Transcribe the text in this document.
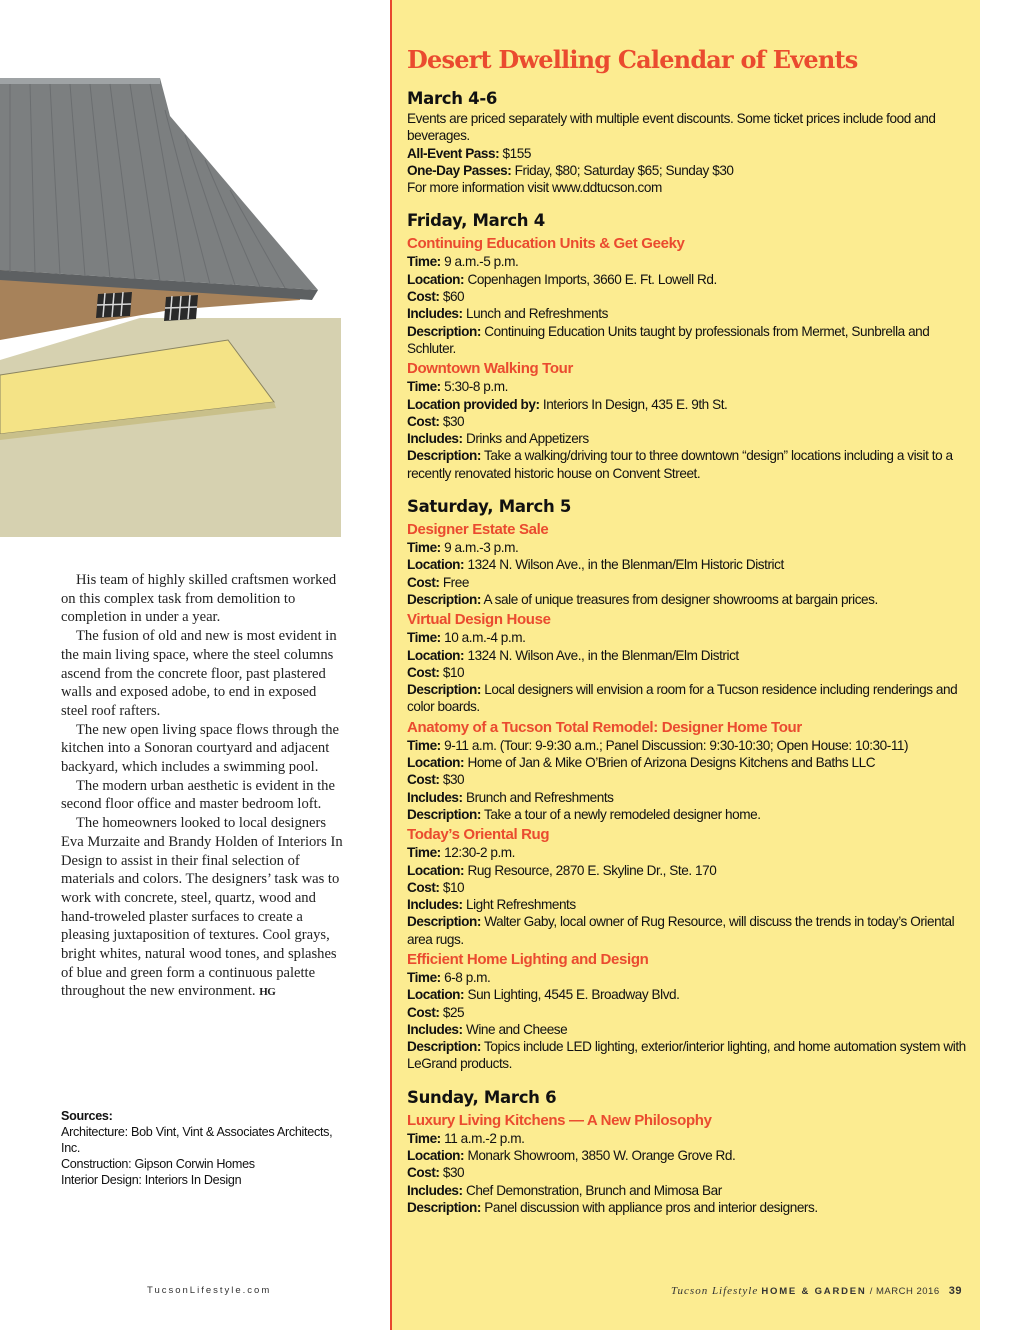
His team of highly skilled craftsmen worked on this complex task from demolition to completion in under a year.

The fusion of old and new is most evident in the main living space, where the steel columns ascend from the concrete floor, past plastered walls and exposed adobe, to end in exposed steel roof rafters.

The new open living space flows through the kitchen into a Sonoran courtyard and adjacent backyard, which includes a swimming pool.

The modern urban aesthetic is evident in the second floor office and master bedroom loft.

The homeowners looked to local designers Eva Murzaite and Brandy Holden of Interiors In Design to assist in their final selection of materials and colors. The designers’ task was to work with concrete, steel, quartz, wood and hand-troweled plaster surfaces to create a pleasing juxtaposition of textures. Cool grays, bright whites, natural wood tones, and splashes of blue and green form a continuous palette throughout the new environment. HG

Sources:
Architecture: Bob Vint, Vint & Associates Architects, Inc.
Construction: Gipson Corwin Homes
Interior Design: Interiors In Design
TucsonLifestyle.com
Desert Dwelling Calendar of Events
March 4-6

Events are priced separately with multiple event discounts. Some ticket prices include food and beverages.

All-Event Pass: $155

One-Day Passes: Friday, $80; Saturday $65; Sunday $30

For more information visit www.ddtucson.com

Friday, March 4
Continuing Education Units & Get Geeky

Time: 9 a.m.-5 p.m.

Location: Copenhagen Imports, 3660 E. Ft. Lowell Rd.

Cost: $60

Includes: Lunch and Refreshments

Description: Continuing Education Units taught by professionals from Mermet, Sunbrella and Schluter.

Downtown Walking Tour

Time: 5:30-8 p.m.

Location provided by: Interiors In Design, 435 E. 9th St.

Cost: $30

Includes: Drinks and Appetizers

Description: Take a walking/driving tour to three downtown “design” locations including a visit to a recently renovated historic house on Convent Street.

Saturday, March 5
Designer Estate Sale

Time: 9 a.m.-3 p.m.

Location: 1324 N. Wilson Ave., in the Blenman/Elm Historic District

Cost: Free

Description: A sale of unique treasures from designer showrooms at bargain prices.

Virtual Design House

Time: 10 a.m.-4 p.m.

Location: 1324 N. Wilson Ave., in the Blenman/Elm District

Cost: $10

Description: Local designers will envision a room for a Tucson residence including renderings and color boards.

Anatomy of a Tucson Total Remodel: Designer Home Tour

Time: 9-11 a.m. (Tour: 9-9:30 a.m.; Panel Discussion: 9:30-10:30; Open House: 10:30-11)

Location: Home of Jan & Mike O’Brien of Arizona Designs Kitchens and Baths LLC

Cost: $30

Includes: Brunch and Refreshments

Description: Take a tour of a newly remodeled designer home.

Today’s Oriental Rug

Time: 12:30-2 p.m.

Location: Rug Resource, 2870 E. Skyline Dr., Ste. 170

Cost: $10

Includes: Light Refreshments

Description: Walter Gaby, local owner of Rug Resource, will discuss the trends in today’s Oriental area rugs.

Efficient Home Lighting and Design

Time: 6-8 p.m.

Location: Sun Lighting, 4545 E. Broadway Blvd.

Cost: $25

Includes: Wine and Cheese

Description: Topics include LED lighting, exterior/interior lighting, and home automation system with LeGrand products.

Sunday, March 6
Luxury Living Kitchens — A New Philosophy

Time: 11 a.m.-2 p.m.

Location: Monark Showroom, 3850 W. Orange Grove Rd.

Cost: $30

Includes: Chef Demonstration, Brunch and Mimosa Bar

Description: Panel discussion with appliance pros and interior designers.

Tucson Lifestyle HOME & GARDEN / MARCH 2016 39
